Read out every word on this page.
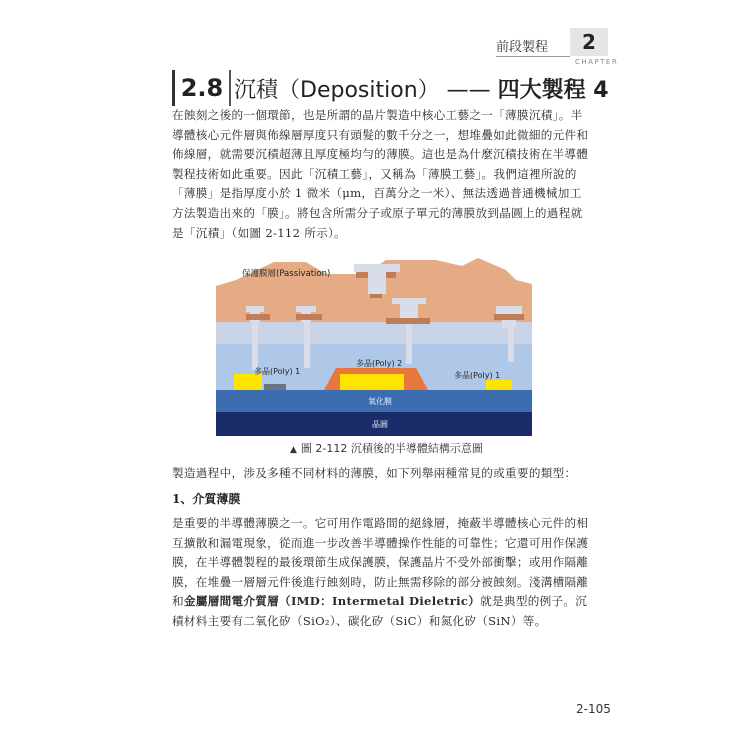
前段製程	2
CHAPTER
2.8 沉積（Deposition） —— 四大製程 4
在蝕刻之後的一個環節，也是所謂的晶片製造中核心工藝之一「薄膜沉積」。半導體核心元件層與佈線層厚度只有頭髮的數千分之一，想堆疊如此微細的元件和佈線層，就需要沉積超薄且厚度極均勻的薄膜。這也是為什麼沉積技術在半導體製程技術如此重要。因此「沉積工藝」，又稱為「薄膜工藝」。我們這裡所說的「薄膜」是指厚度小於 1 微米（μm，百萬分之一米）、無法透過普通機械加工方法製造出來的「膜」。將包含所需分子或原子單元的薄膜放到晶圓上的過程就是「沉積」（如圖 2-112 所示）。
保護膜層(Passivation)
多晶(Poly) 1
多晶(Poly) 2
多晶(Poly) 1
氧化膜
晶圓
▲ 圖 2-112 沉積後的半導體結構示意圖
製造過程中，涉及多種不同材料的薄膜，如下列舉兩種常見的或重要的類型：
1、介質薄膜
是重要的半導體薄膜之一。它可用作電路間的絕緣層，掩蔽半導體核心元件的相互擴散和漏電現象，從而進一步改善半導體操作性能的可靠性；它還可用作保護膜，在半導體製程的最後環節生成保護膜，保護晶片不受外部衝擊；或用作隔離膜，在堆疊一層層元件後進行蝕刻時，防止無需移除的部分被蝕刻。淺溝槽隔離和金屬層間電介質層（IMD：Intermetal Dieletric）就是典型的例子。沉積材料主要有二氧化矽（SiO₂）、碳化矽（SiC）和氮化矽（SiN）等。
2-105
